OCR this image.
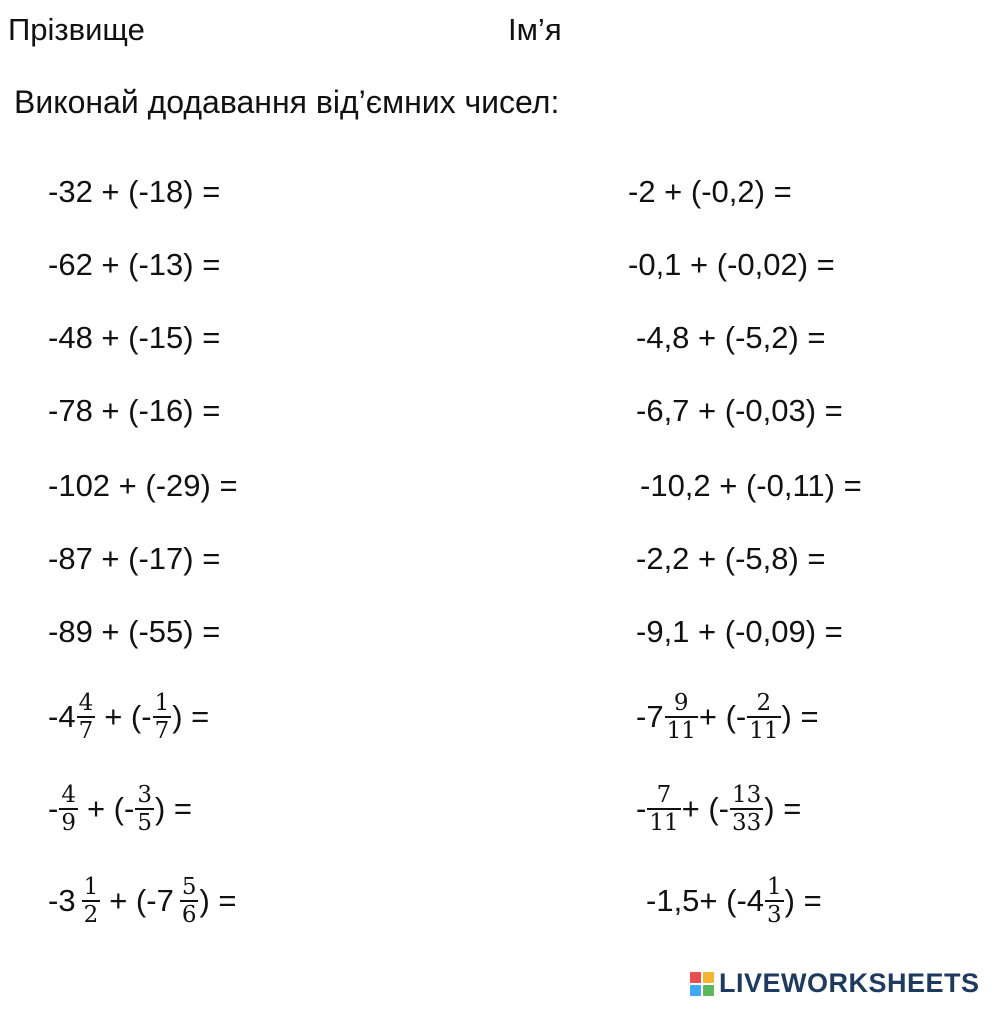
Прізвище	Ім’я
Виконай додавання від’ємних чисел:
-32 + (-18) =
-62 + (-13) =
-48 + (-15) =
-78 + (-16) =
-102 + (-29) =
-87 + (-17) =
-89 + (-55) =
-2 + (-0,2) =
-0,1 + (-0,02) =
-4,8 + (-5,2) =
-6,7 + (-0,03) =
-10,2 + (-0,11) =
-2,2 + (-5,8) =
-9,1 + (-0,09) =
$-4 \frac{4}{7}$ + (- $\frac{1}{7}$ ) =
- $\frac{4}{9}$ + (- $\frac{3}{5}$ ) =
$-3 \frac{1}{2} + (-7 \frac{5}{6}$ ) =
$-7 \frac{9}{11}$ + (- $\frac{2}{11}$ ) =
- $\frac{7}{11}$ + (- $\frac{13}{33}$ ) =
$-1,5+ (-4 \frac{1}{3}$ ) =
LIVEWORKSHEETS
